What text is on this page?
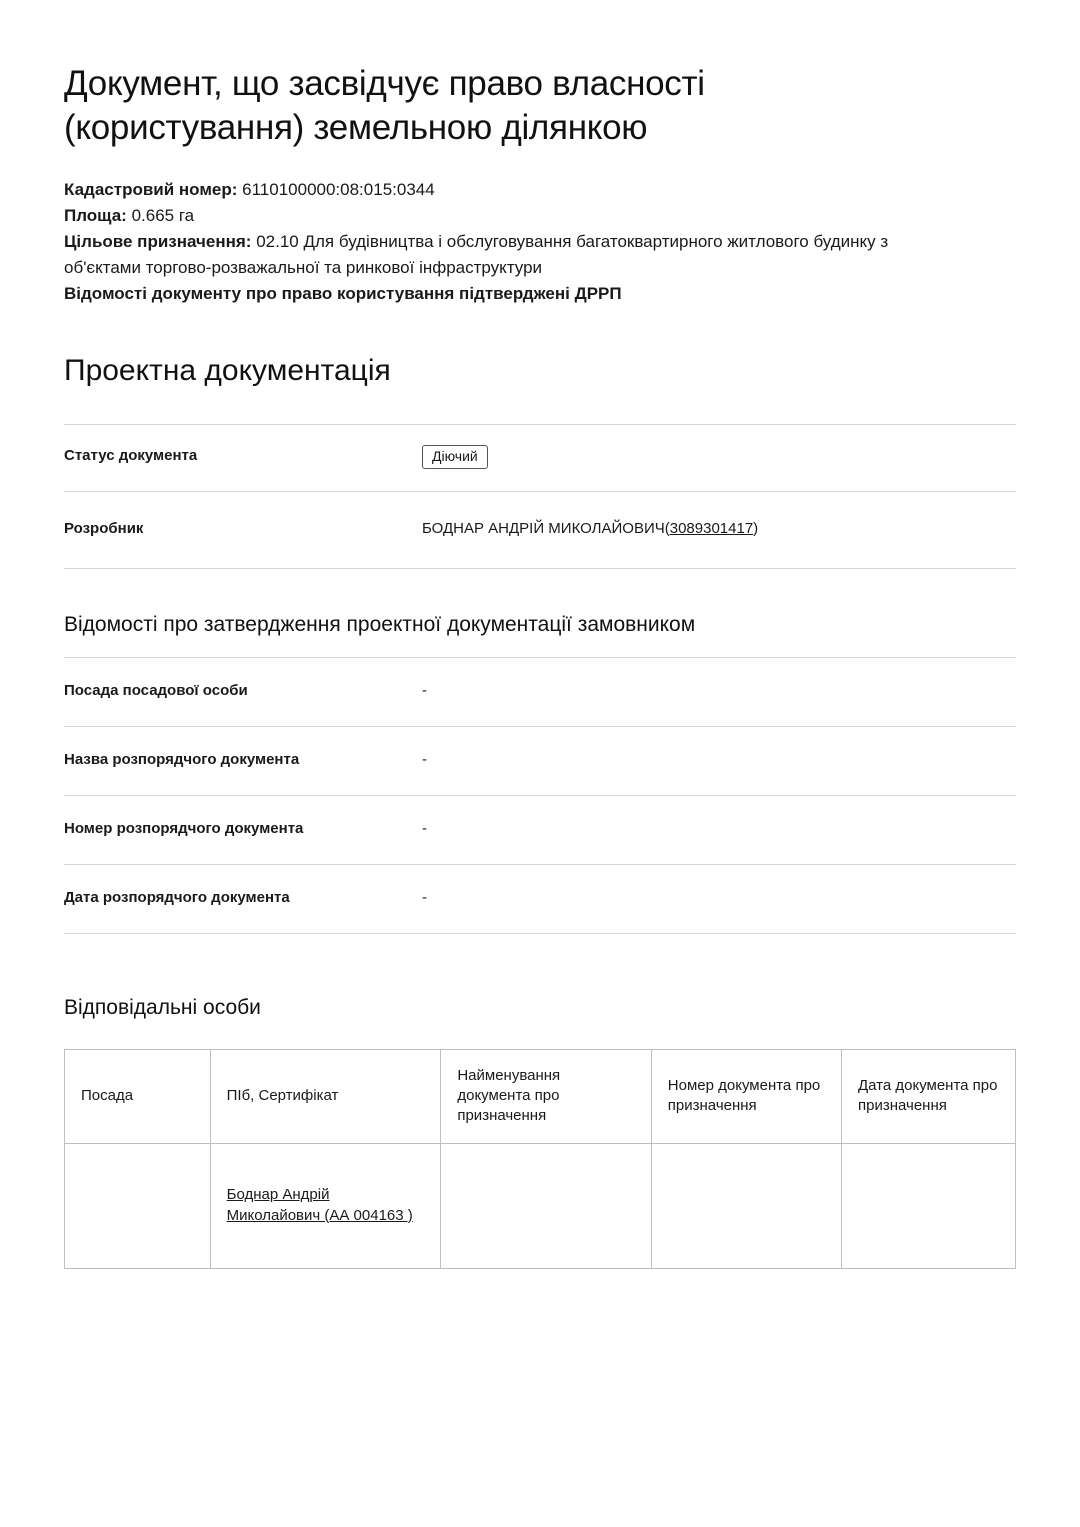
Документ, що засвідчує право власності (користування) земельною ділянкою

Кадастровий номер: 6110100000:08:015:0344

Площа: 0.665 га

Цільове призначення: 02.10 Для будівництва і обслуговування багатоквартирного житлового будинку з об'єктами торгово-розважальної та ринкової інфраструктури

Відомості документу про право користування підтверджені ДРРП

Проектна документація
Статус документа	Діючий
Розробник	БОДНАР АНДРІЙ МИКОЛАЙОВИЧ(3089301417)
Відомості про затвердження проектної документації замовником
Посада посадової особи	-
Назва розпорядчого документа	-
Номер розпорядчого документа	-
Дата розпорядчого документа	-
Відповідальні особи
Посада	ПІб, Сертифікат	Найменування документа про призначення	Номер документа про призначення	Дата документа про призначення
	Боднар Андрій Миколайович (АА 004163 )			
